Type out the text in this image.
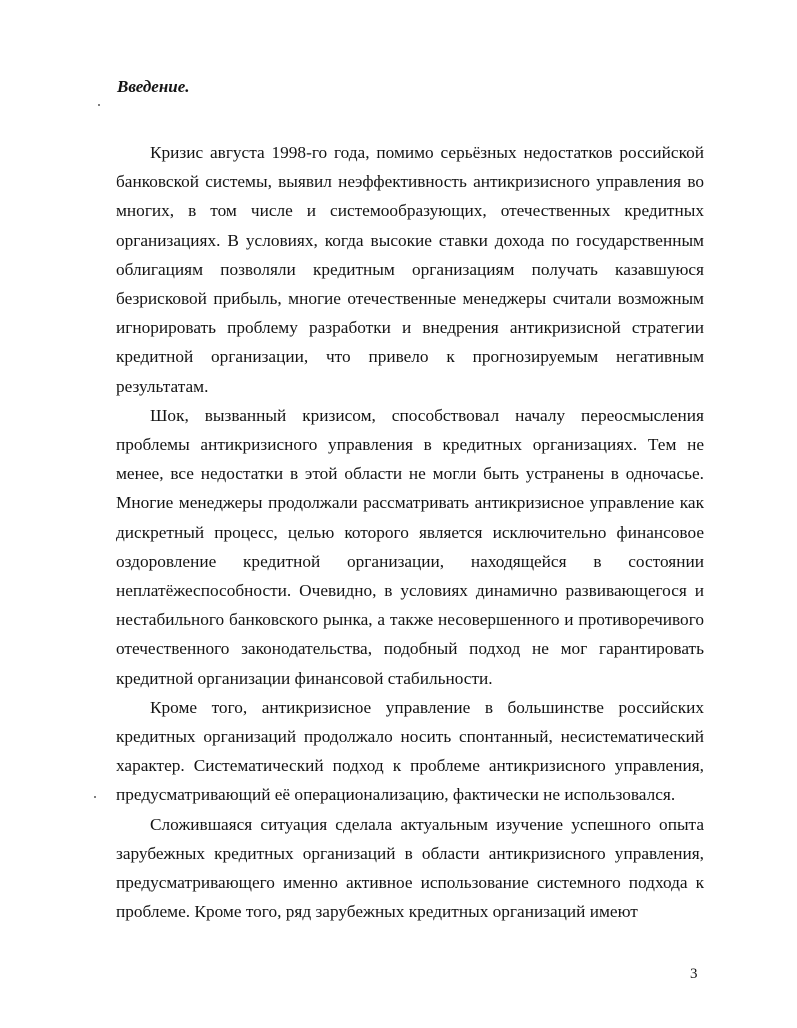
Введение.

Кризис августа 1998-го года, помимо серьёзных недостатков российской банковской системы, выявил неэффективность антикризисного управления во многих, в том числе и системообразующих, отечественных кредитных организациях. В условиях, когда высокие ставки дохода по государственным облигациям позволяли кредитным организациям получать казавшуюся безрисковой прибыль, многие отечественные менеджеры считали возможным игнорировать проблему разработки и внедрения антикризисной стратегии кредитной организации, что привело к прогнозируемым негативным результатам.

Шок, вызванный кризисом, способствовал началу переосмысления проблемы антикризисного управления в кредитных организациях. Тем не менее, все недостатки в этой области не могли быть устранены в одночасье. Многие менеджеры продолжали рассматривать антикризисное управление как дискретный процесс, целью которого является исключительно финансовое оздоровление кредитной организации, находящейся в состоянии неплатёжеспособности. Очевидно, в условиях динамично развивающегося и нестабильного банковского рынка, а также несовершенного и противоречивого отечественного законодательства, подобный подход не мог гарантировать кредитной организации финансовой стабильности.

Кроме того, антикризисное управление в большинстве российских кредитных организаций продолжало носить спонтанный, несистематический характер. Систематический подход к проблеме антикризисного управления, предусматривающий её операционализацию, фактически не использовался.

Сложившаяся ситуация сделала актуальным изучение успешного опыта зарубежных кредитных организаций в области антикризисного управления, предусматривающего именно активное использование системного подхода к проблеме. Кроме того, ряд зарубежных кредитных организаций имеют

3
